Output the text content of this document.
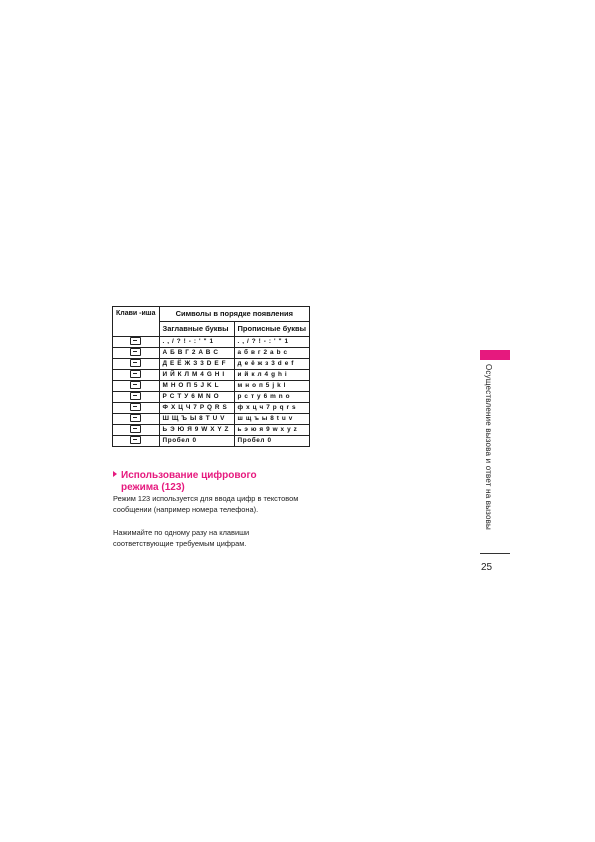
Клави -иша	Символы в порядке появления	
	Заглавные буквы	Прописные буквы
	. , / ? ! - : ' " 1	. , / ? ! - : ' " 1
	А Б В Г 2 A B C	а б в г 2 a b c
	Д Е Ё Ж З 3 D E F	д е ё ж з 3 d e f
	И Й К Л М 4 G H I	и й к л 4 g h i
	М Н О П 5 J K L	м н о п 5 j k l
	Р С Т У 6 M N O	р с т у 6 m n o
	Ф Х Ц Ч 7 P Q R S	ф х ц ч 7 p q r s
	Ш Щ Ъ Ы 8 T U V	ш щ ъ ы 8 t u v
	Ь Э Ю Я 9 W X Y Z	ь э ю я 9 w x y z
	Пробел 0	Пробел 0
Использование цифрового
режима (123)
Режим 123 используется для ввода цифр в текстовом сообщении (например номера телефона).
Нажимайте по одному разу на клавиши соответствующие требуемым цифрам.
Осуществление вызова и ответ на вызовы
25
